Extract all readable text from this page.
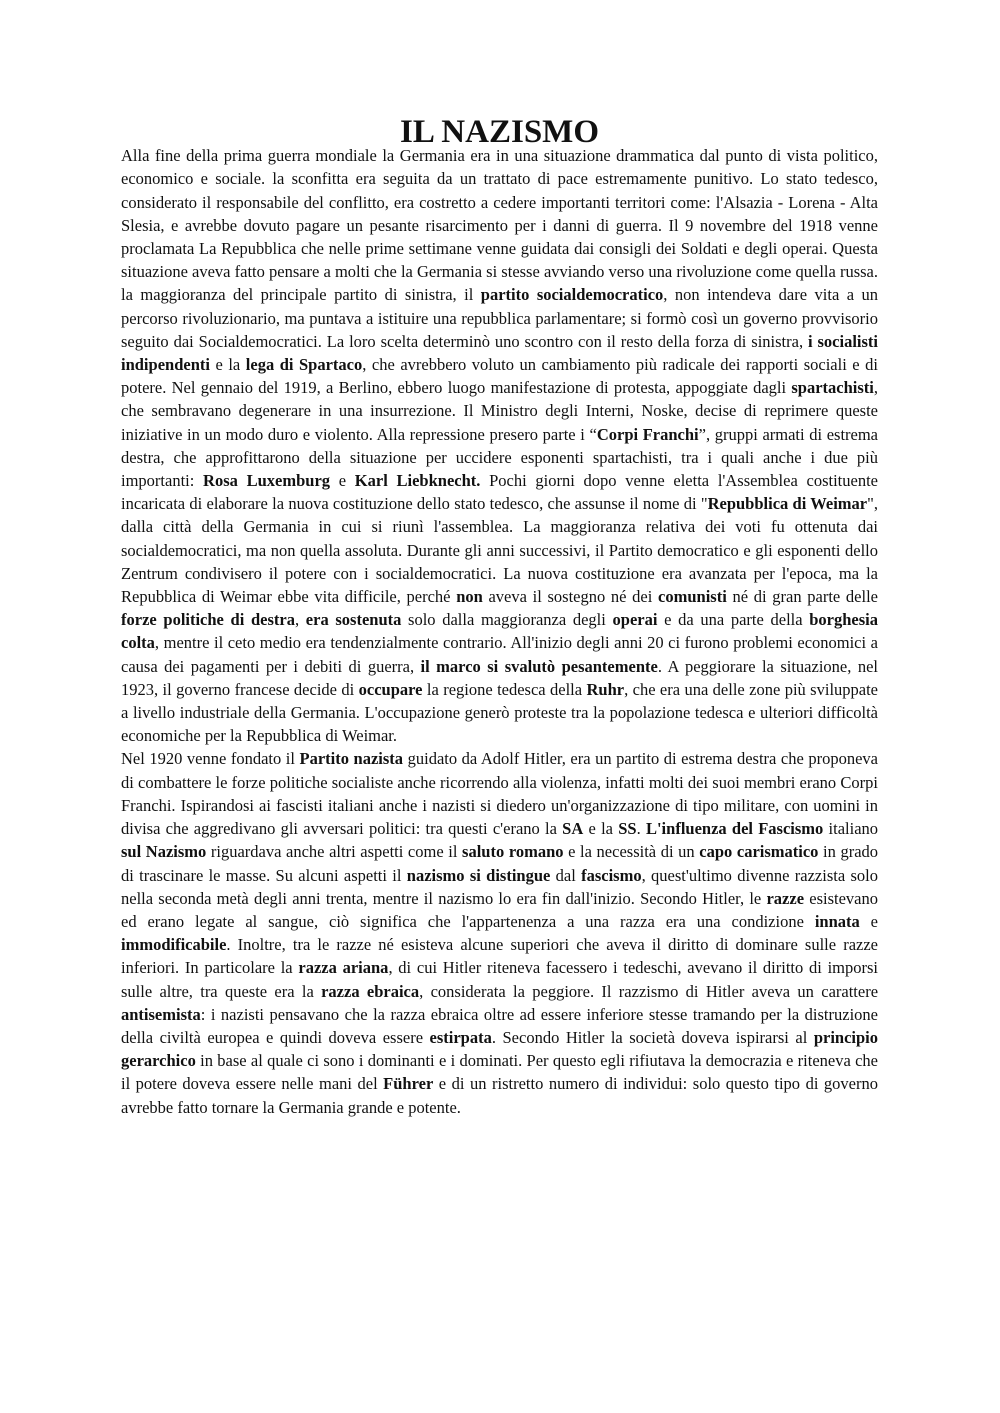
IL NAZISMO

Alla fine della prima guerra mondiale la Germania era in una situazione drammatica dal punto di vista politico, economico e sociale. la sconfitta era seguita da un trattato di pace estremamente punitivo. Lo stato tedesco, considerato il responsabile del conflitto, era costretto a cedere importanti territori come: l'Alsazia - Lorena - Alta Slesia, e avrebbe dovuto pagare un pesante risarcimento per i danni di guerra. Il 9 novembre del 1918 venne proclamata La Repubblica che nelle prime settimane venne guidata dai consigli dei Soldati e degli operai. Questa situazione aveva fatto pensare a molti che la Germania si stesse avviando verso una rivoluzione come quella russa. la maggioranza del principale partito di sinistra, il partito socialdemocratico, non intendeva dare vita a un percorso rivoluzionario, ma puntava a istituire una repubblica parlamentare; si formò così un governo provvisorio seguito dai Socialdemocratici. La loro scelta determinò uno scontro con il resto della forza di sinistra, i socialisti indipendenti e la lega di Spartaco, che avrebbero voluto un cambiamento più radicale dei rapporti sociali e di potere. Nel gennaio del 1919, a Berlino, ebbero luogo manifestazione di protesta, appoggiate dagli spartachisti, che sembravano degenerare in una insurrezione. Il Ministro degli Interni, Noske, decise di reprimere queste iniziative in un modo duro e violento. Alla repressione presero parte i “Corpi Franchi”, gruppi armati di estrema destra, che approfittarono della situazione per uccidere esponenti spartachisti, tra i quali anche i due più importanti: Rosa Luxemburg e Karl Liebknecht. Pochi giorni dopo venne eletta l'Assemblea costituente incaricata di elaborare la nuova costituzione dello stato tedesco, che assunse il nome di "Repubblica di Weimar", dalla città della Germania in cui si riunì l'assemblea. La maggioranza relativa dei voti fu ottenuta dai socialdemocratici, ma non quella assoluta. Durante gli anni successivi, il Partito democratico e gli esponenti dello Zentrum condivisero il potere con i socialdemocratici. La nuova costituzione era avanzata per l'epoca, ma la Repubblica di Weimar ebbe vita difficile, perché non aveva il sostegno né dei comunisti né di gran parte delle forze politiche di destra, era sostenuta solo dalla maggioranza degli operai e da una parte della borghesia colta, mentre il ceto medio era tendenzialmente contrario. All'inizio degli anni 20 ci furono problemi economici a causa dei pagamenti per i debiti di guerra, il marco si svalutò pesantemente. A peggiorare la situazione, nel 1923, il governo francese decide di occupare la regione tedesca della Ruhr, che era una delle zone più sviluppate a livello industriale della Germania. L'occupazione generò proteste tra la popolazione tedesca e ulteriori difficoltà economiche per la Repubblica di Weimar.

Nel 1920 venne fondato il Partito nazista guidato da Adolf Hitler, era un partito di estrema destra che proponeva di combattere le forze politiche socialiste anche ricorrendo alla violenza, infatti molti dei suoi membri erano Corpi Franchi. Ispirandosi ai fascisti italiani anche i nazisti si diedero un'organizzazione di tipo militare, con uomini in divisa che aggredivano gli avversari politici: tra questi c'erano la SA e la SS. L'influenza del Fascismo italiano sul Nazismo riguardava anche altri aspetti come il saluto romano e la necessità di un capo carismatico in grado di trascinare le masse. Su alcuni aspetti il nazismo si distingue dal fascismo, quest'ultimo divenne razzista solo nella seconda metà degli anni trenta, mentre il nazismo lo era fin dall'inizio. Secondo Hitler, le razze esistevano ed erano legate al sangue, ciò significa che l'appartenenza a una razza era una condizione innata e immodificabile. Inoltre, tra le razze né esisteva alcune superiori che aveva il diritto di dominare sulle razze inferiori. In particolare la razza ariana, di cui Hitler riteneva facessero i tedeschi, avevano il diritto di imporsi sulle altre, tra queste era la razza ebraica, considerata la peggiore. Il razzismo di Hitler aveva un carattere antisemista: i nazisti pensavano che la razza ebraica oltre ad essere inferiore stesse tramando per la distruzione della civiltà europea e quindi doveva essere estirpata. Secondo Hitler la società doveva ispirarsi al principio gerarchico in base al quale ci sono i dominanti e i dominati. Per questo egli rifiutava la democrazia e riteneva che il potere doveva essere nelle mani del Führer e di un ristretto numero di individui: solo questo tipo di governo avrebbe fatto tornare la Germania grande e potente.
